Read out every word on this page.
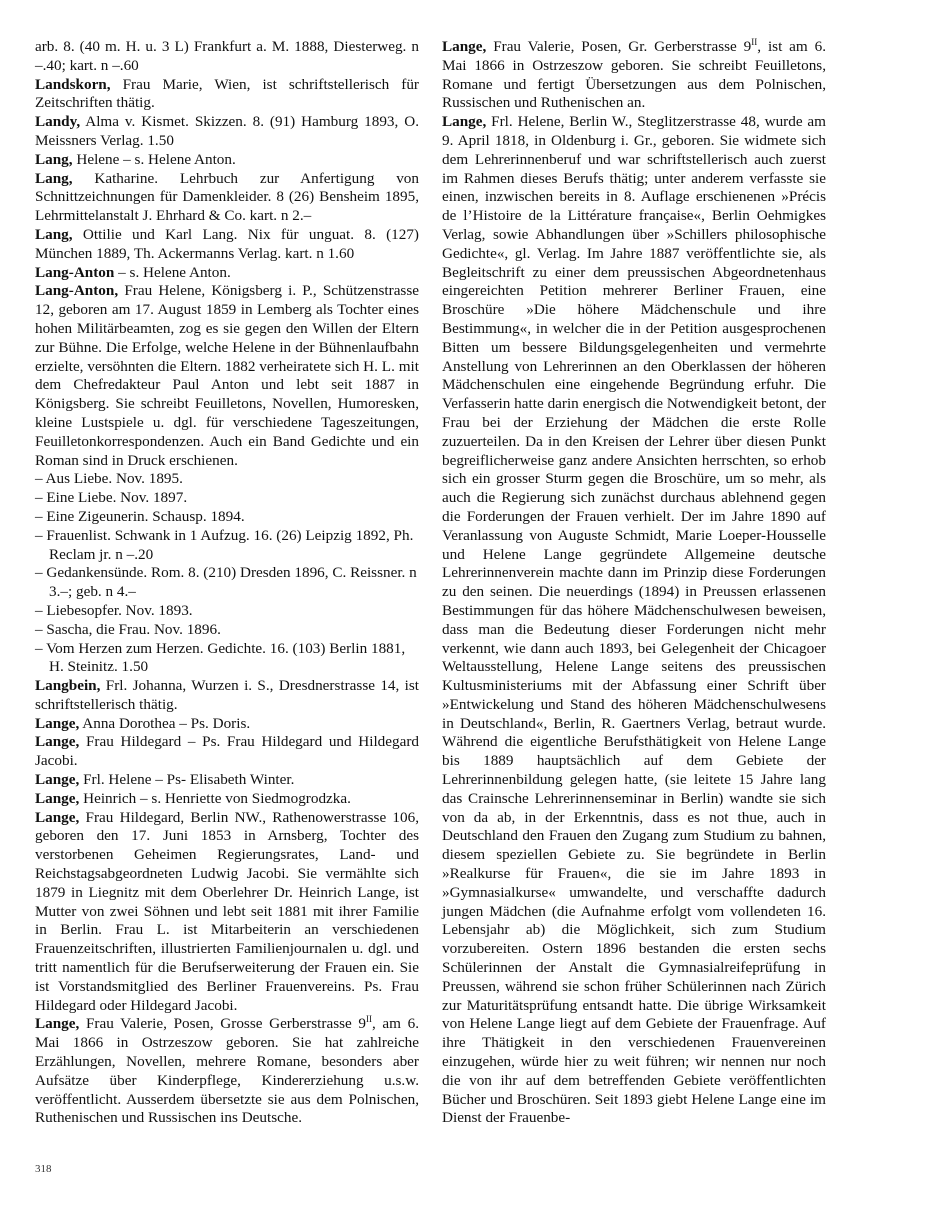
arb. 8. (40 m. H. u. 3 L) Frankfurt a. M. 1888, Diesterweg. n –.40; kart. n –.60

Landskorn, Frau Marie, Wien, ist schriftstellerisch für Zeitschriften thätig.

Landy, Alma v. Kismet. Skizzen. 8. (91) Hamburg 1893, O. Meissners Verlag. 1.50

Lang, Helene – s. Helene Anton.

Lang, Katharine. Lehrbuch zur Anfertigung von Schnittzeichnungen für Damenkleider. 8 (26) Bensheim 1895, Lehrmittelanstalt J. Ehrhard & Co. kart. n 2.–

Lang, Ottilie und Karl Lang. Nix für unguat. 8. (127) München 1889, Th. Ackermanns Verlag. kart. n 1.60

Lang-Anton – s. Helene Anton.

Lang-Anton, Frau Helene, Königsberg i. P., Schützenstrasse 12, geboren am 17. August 1859 in Lemberg als Tochter eines hohen Militärbeamten, zog es sie gegen den Willen der Eltern zur Bühne. Die Erfolge, welche Helene in der Bühnenlaufbahn erzielte, versöhnten die Eltern. 1882 verheiratete sich H. L. mit dem Chefredakteur Paul Anton und lebt seit 1887 in Königsberg. Sie schreibt Feuilletons, Novellen, Humoresken, kleine Lustspiele u. dgl. für verschiedene Tageszeitungen, Feuilletonkorrespondenzen. Auch ein Band Gedichte und ein Roman sind in Druck erschienen.

– Aus Liebe. Nov. 1895.

– Eine Liebe. Nov. 1897.

– Eine Zigeunerin. Schausp. 1894.

– Frauenlist. Schwank in 1 Aufzug. 16. (26) Leipzig 1892, Ph. Reclam jr. n –.20

– Gedankensünde. Rom. 8. (210) Dresden 1896, C. Reissner. n 3.–; geb. n 4.–

– Liebesopfer. Nov. 1893.

– Sascha, die Frau. Nov. 1896.

– Vom Herzen zum Herzen. Gedichte. 16. (103) Berlin 1881, H. Steinitz. 1.50

Langbein, Frl. Johanna, Wurzen i. S., Dresdnerstrasse 14, ist schriftstellerisch thätig.

Lange, Anna Dorothea – Ps. Doris.

Lange, Frau Hildegard – Ps. Frau Hildegard und Hildegard Jacobi.

Lange, Frl. Helene – Ps- Elisabeth Winter.

Lange, Heinrich – s. Henriette von Siedmogrodzka.

Lange, Frau Hildegard, Berlin NW., Rathenowerstrasse 106, geboren den 17. Juni 1853 in Arnsberg, Tochter des verstorbenen Geheimen Regierungsrates, Land- und Reichstagsabgeordneten Ludwig Jacobi. Sie vermählte sich 1879 in Liegnitz mit dem Oberlehrer Dr. Heinrich Lange, ist Mutter von zwei Söhnen und lebt seit 1881 mit ihrer Familie in Berlin. Frau L. ist Mitarbeiterin an verschiedenen Frauenzeitschriften, illustrierten Familienjournalen u. dgl. und tritt namentlich für die Berufserweiterung der Frauen ein. Sie ist Vorstandsmitglied des Berliner Frauenvereins. Ps. Frau Hildegard oder Hildegard Jacobi.

Lange, Frau Valerie, Posen, Grosse Gerberstrasse $9^{II}$, am 6. Mai 1866 in Ostrzeszow geboren. Sie hat zahlreiche Erzählungen, Novellen, mehrere Romane, besonders aber Aufsätze über Kinderpflege, Kindererziehung u.s.w. veröffentlicht. Ausserdem übersetzte sie aus dem Polnischen, Ruthenischen und Russischen ins Deutsche.

Lange, Frau Valerie, Posen, Gr. Gerberstrasse $9^{II}$, ist am 6. Mai 1866 in Ostrzeszow geboren. Sie schreibt Feuilletons, Romane und fertigt Übersetzungen aus dem Polnischen, Russischen und Ruthenischen an.

Lange, Frl. Helene, Berlin W., Steglitzerstrasse 48, wurde am 9. April 1818, in Oldenburg i. Gr., geboren. Sie widmete sich dem Lehrerinnenberuf und war schriftstellerisch auch zuerst im Rahmen dieses Berufs thätig; unter anderem verfasste sie einen, inzwischen bereits in 8. Auflage erschienenen »Précis de l’Histoire de la Littérature française«, Berlin Oehmigkes Verlag, sowie Abhandlungen über »Schillers philosophische Gedichte«, gl. Verlag. Im Jahre 1887 veröffentlichte sie, als Begleitschrift zu einer dem preussischen Abgeordnetenhaus eingereichten Petition mehrerer Berliner Frauen, eine Broschüre »Die höhere Mädchenschule und ihre Bestimmung«, in welcher die in der Petition ausgesprochenen Bitten um bessere Bildungsgelegenheiten und vermehrte Anstellung von Lehrerinnen an den Oberklassen der höheren Mädchenschulen eine eingehende Begründung erfuhr. Die Verfasserin hatte darin energisch die Notwendigkeit betont, der Frau bei der Erziehung der Mädchen die erste Rolle zuzuerteilen. Da in den Kreisen der Lehrer über diesen Punkt begreiflicherweise ganz andere Ansichten herrschten, so erhob sich ein grosser Sturm gegen die Broschüre, um so mehr, als auch die Regierung sich zunächst durchaus ablehnend gegen die Forderungen der Frauen verhielt. Der im Jahre 1890 auf Veranlassung von Auguste Schmidt, Marie Loeper-Housselle und Helene Lange gegründete Allgemeine deutsche Lehrerinnenverein machte dann im Prinzip diese Forderungen zu den seinen. Die neuerdings (1894) in Preussen erlassenen Bestimmungen für das höhere Mädchenschulwesen beweisen, dass man die Bedeutung dieser Forderungen nicht mehr verkennt, wie dann auch 1893, bei Gelegenheit der Chicagoer Weltausstellung, Helene Lange seitens des preussischen Kultusministeriums mit der Abfassung einer Schrift über »Entwickelung und Stand des höheren Mädchenschulwesens in Deutschland«, Berlin, R. Gaertners Verlag, betraut wurde. Während die eigentliche Berufsthätigkeit von Helene Lange bis 1889 hauptsächlich auf dem Gebiete der Lehrerinnenbildung gelegen hatte, (sie leitete 15 Jahre lang das Crainsche Lehrerinnenseminar in Berlin) wandte sie sich von da ab, in der Erkenntnis, dass es not thue, auch in Deutschland den Frauen den Zugang zum Studium zu bahnen, diesem speziellen Gebiete zu. Sie begründete in Berlin »Realkurse für Frauen«, die sie im Jahre 1893 in »Gymnasialkurse« umwandelte, und verschaffte dadurch jungen Mädchen (die Aufnahme erfolgt vom vollendeten 16. Lebensjahr ab) die Möglichkeit, sich zum Studium vorzubereiten. Ostern 1896 bestanden die ersten sechs Schülerinnen der Anstalt die Gymnasialreifeprüfung in Preussen, während sie schon früher Schülerinnen nach Zürich zur Maturitätsprüfung entsandt hatte. Die übrige Wirksamkeit von Helene Lange liegt auf dem Gebiete der Frauenfrage. Auf ihre Thätigkeit in den verschiedenen Frauenvereinen einzugehen, würde hier zu weit führen; wir nennen nur noch die von ihr auf dem betreffenden Gebiete veröffentlichten Bücher und Broschüren. Seit 1893 giebt Helene Lange eine im Dienst der Frauenbe-

318
